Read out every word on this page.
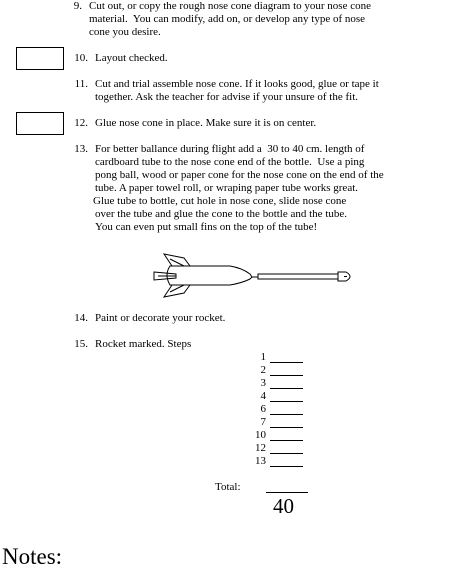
9. Cut out, or copy the rough nose cone diagram to your nose cone
material.  You can modify, add on, or develop any type of nose
cone you desire.
10. Layout checked.
11. Cut and trial assemble nose cone. If it looks good, glue or tape it
together. Ask the teacher for advise if your unsure of the fit.
12. Glue nose cone in place. Make sure it is on center.
13. For better ballance during flight add a  30 to 40 cm. length of
cardboard tube to the nose cone end of the bottle.  Use a ping
pong ball, wood or paper cone for the nose cone on the end of the
tube. A paper towel roll, or wraping paper tube works great.
Glue tube to bottle, cut hole in nose cone, slide nose cone
over the tube and glue the cone to the bottle and the tube.
You can even put small fins on the top of the tube!
14. Paint or decorate your rocket.
15. Rocket marked. Steps
1
2
3
4
6
7
10
12
13
Total:
40
Notes:
